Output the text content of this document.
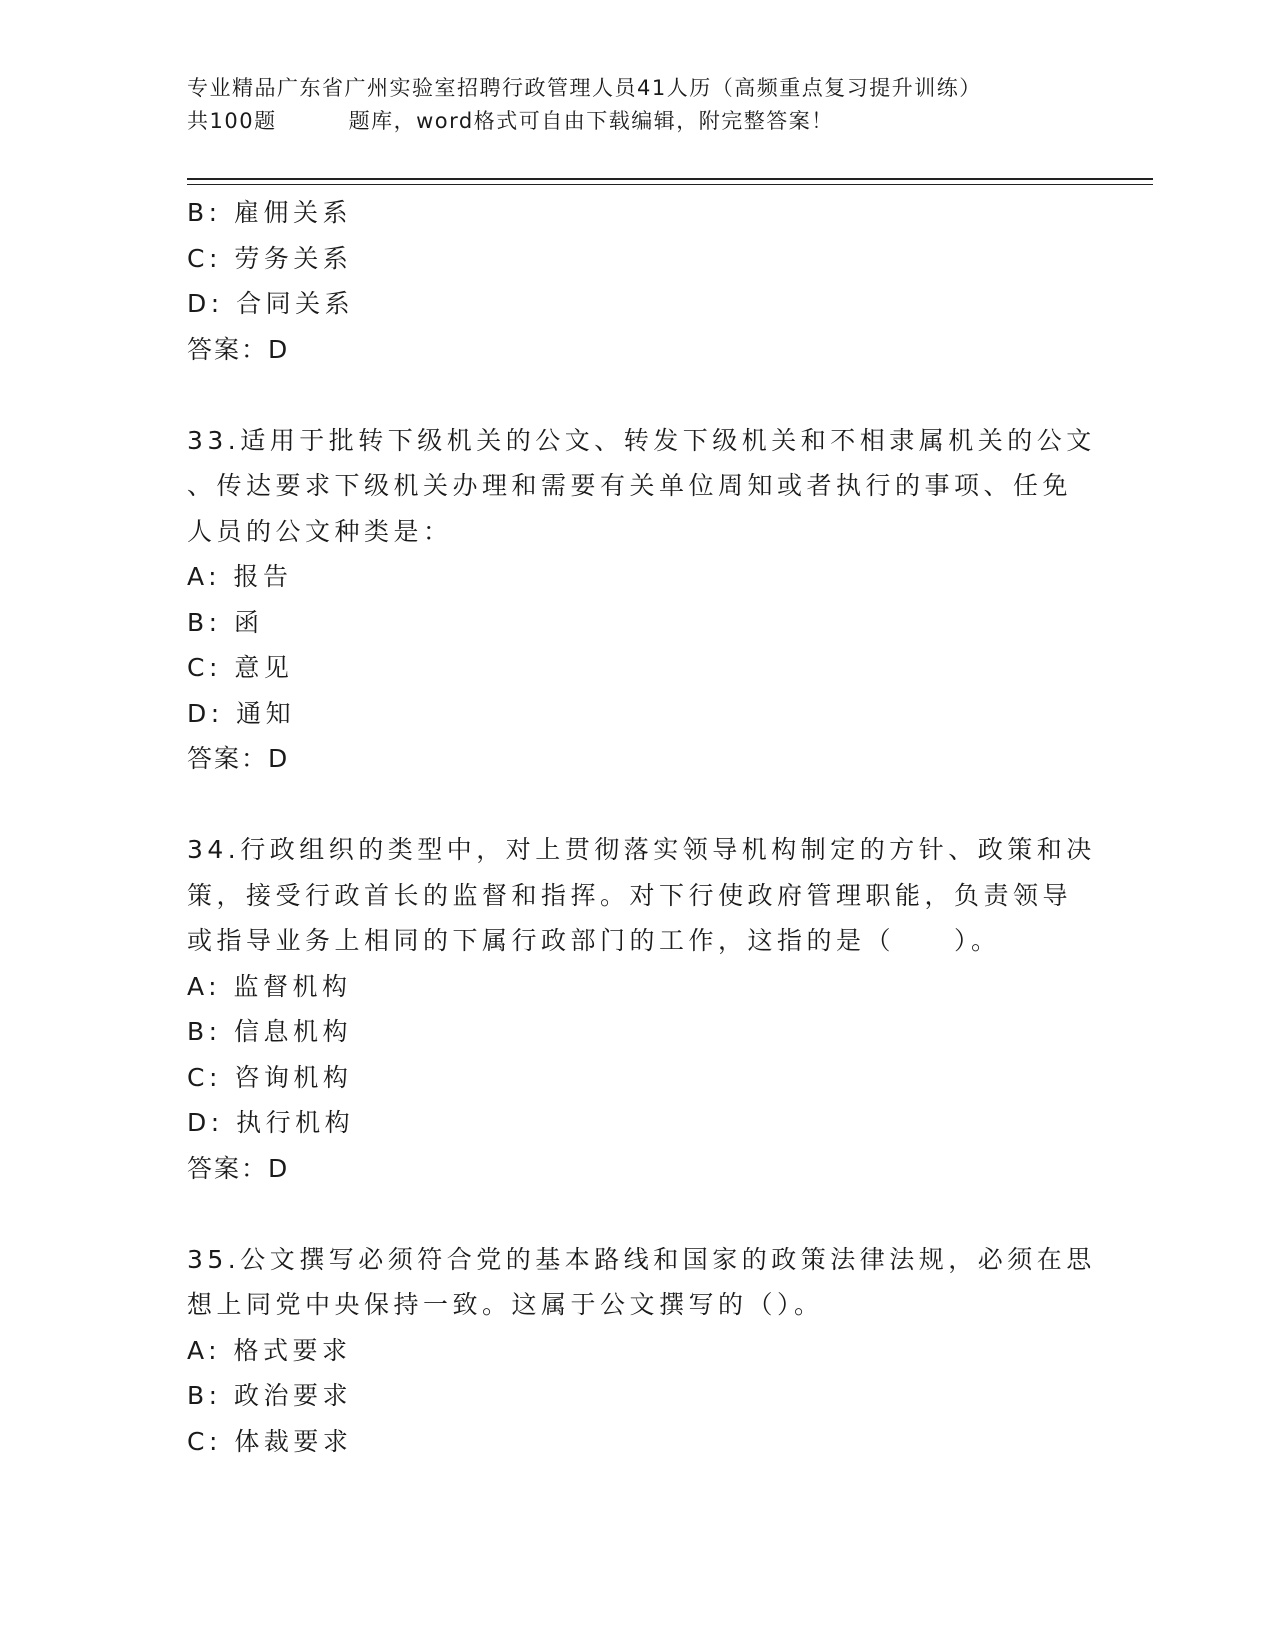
专业精品广东省广州实验室招聘行政管理人员41人历（高频重点复习提升训练）
共100题	题库，word格式可自由下载编辑，附完整答案！
B: 雇佣关系
C: 劳务关系
D: 合同关系
答案：D
33.适用于批转下级机关的公文、转发下级机关和不相隶属机关的公文
、传达要求下级机关办理和需要有关单位周知或者执行的事项、任免
人员的公文种类是：
A: 报告
B: 函
C: 意见
D: 通知
答案：D
34.行政组织的类型中，对上贯彻落实领导机构制定的方针、政策和决
策，接受行政首长的监督和指挥。对下行使政府管理职能，负责领导
或指导业务上相同的下属行政部门的工作，这指的是（　　）。
A: 监督机构
B: 信息机构
C: 咨询机构
D: 执行机构
答案：D
35.公文撰写必须符合党的基本路线和国家的政策法律法规，必须在思
想上同党中央保持一致。这属于公文撰写的（）。
A: 格式要求
B: 政治要求
C: 体裁要求
